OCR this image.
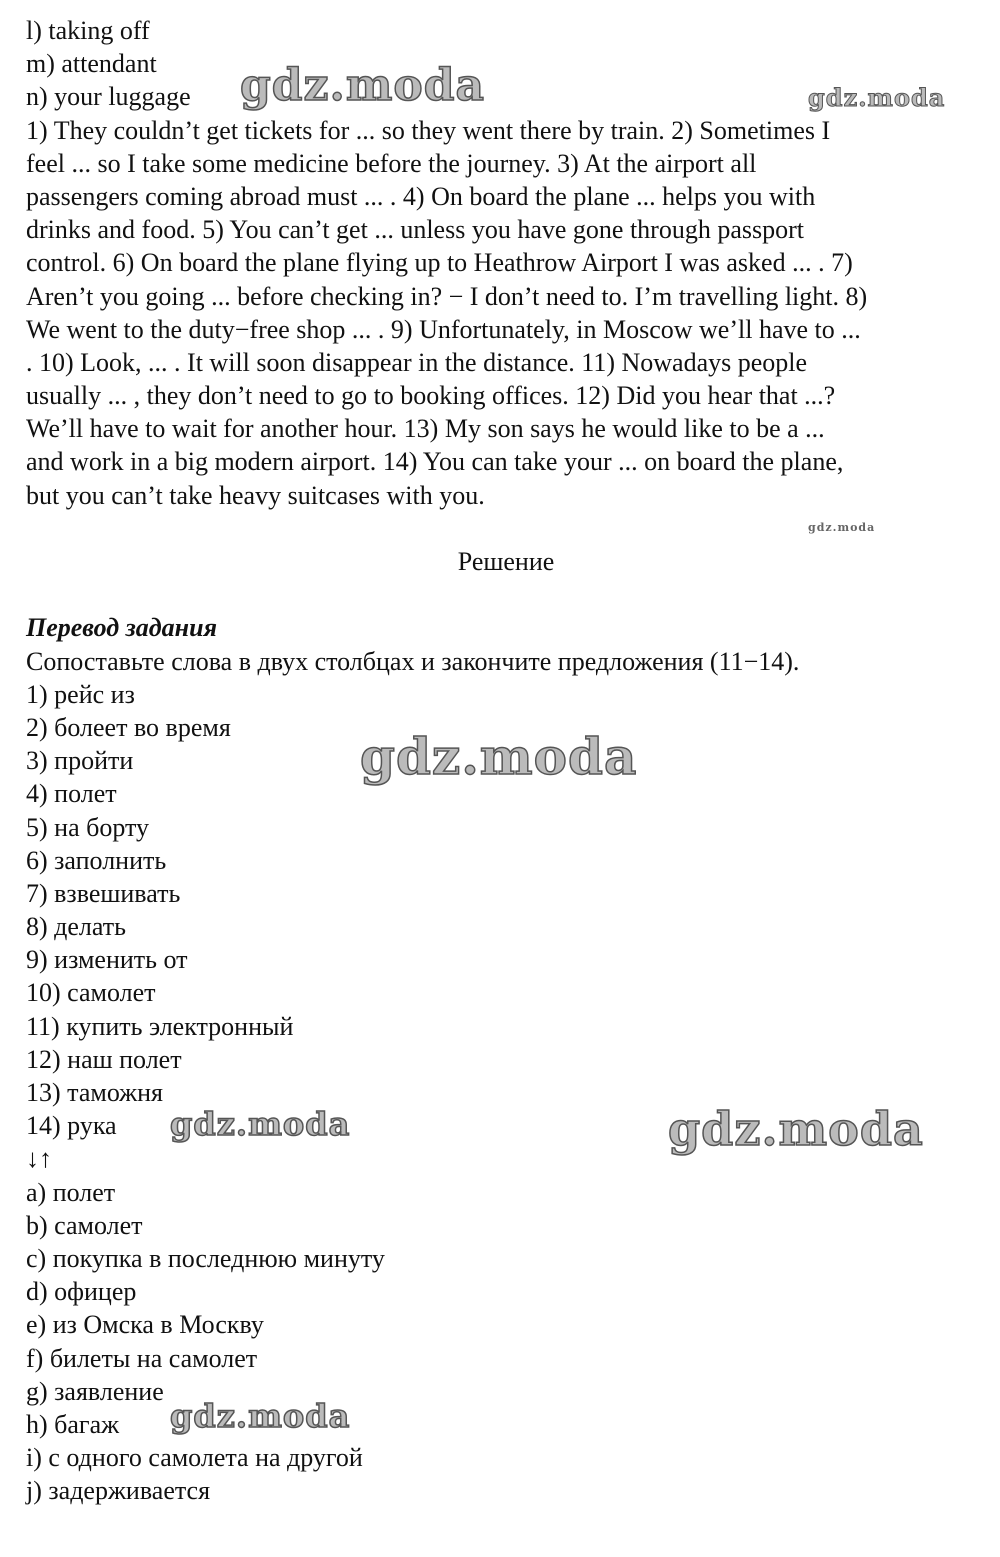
l) taking off
m) attendant
n) your luggage
1) They couldn’t get tickets for ... so they went there by train. 2) Sometimes I
feel ... so I take some medicine before the journey. 3) At the airport all
passengers coming abroad must ... . 4) On board the plane ... helps you with
drinks and food. 5) You can’t get ... unless you have gone through passport
control. 6) On board the plane flying up to Heathrow Airport I was asked ... . 7)
Aren’t you going ... before checking in? − I don’t need to. I’m travelling light. 8)
We went to the duty−free shop ... . 9) Unfortunately, in Moscow we’ll have to ...
. 10) Look, ... . It will soon disappear in the distance. 11) Nowadays people
usually ... , they don’t need to go to booking offices. 12) Did you hear that ...?
We’ll have to wait for another hour. 13) My son says he would like to be a ...
and work in a big modern airport. 14) You can take your ... on board the plane,
but you can’t take heavy suitcases with you.
Решение
Перевод задания
Сопоставьте слова в двух столбцах и закончите предложения (11−14).
1) рейс из
2) болеет во время
3) пройти
4) полет
5) на борту
6) заполнить
7) взвешивать
8) делать
9) изменить от
10) самолет
11) купить электронный
12) наш полет
13) таможня
14) рука
↓↑
a) полет
b) самолет
c) покупка в последнюю минуту
d) офицер
e) из Омска в Москву
f) билеты на самолет
g) заявление
h) багаж
i) с одного самолета на другой
j) задерживается
gdz.moda	gdz.moda
gdz.moda
gdz.moda
gdz.moda	gdz.moda
gdz.moda
